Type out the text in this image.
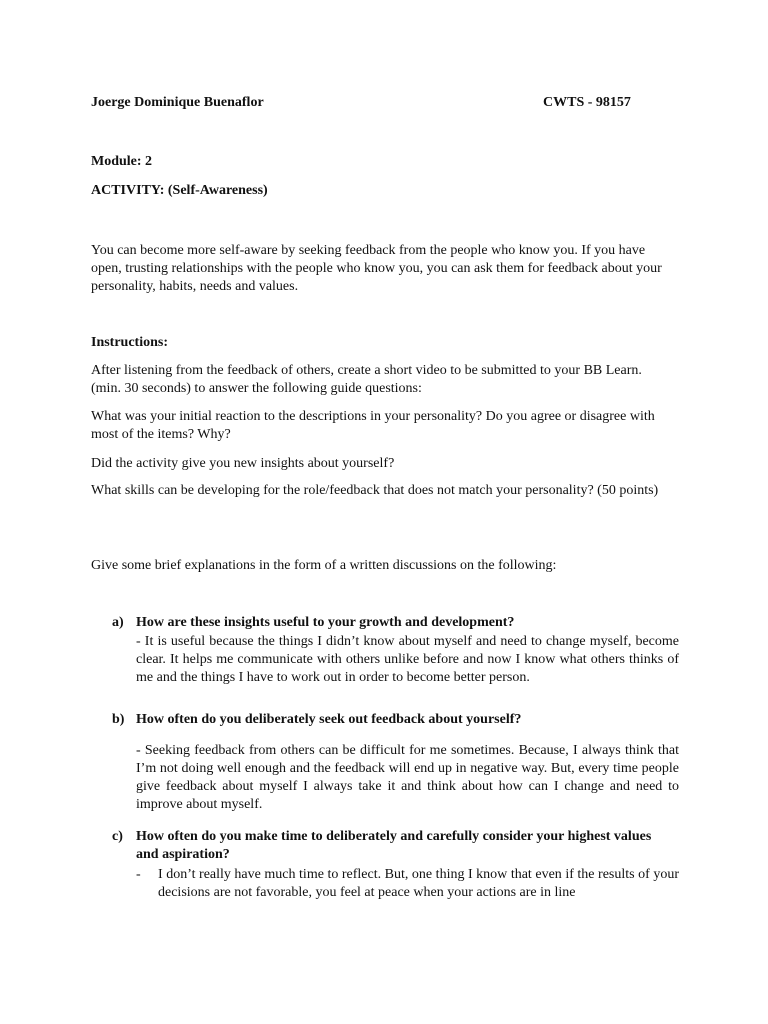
Joerge Dominique Buenaflor	CWTS - 98157

Module: 2

ACTIVITY: (Self-Awareness)

You can become more self-aware by seeking feedback from the people who know you. If you have open, trusting relationships with the people who know you, you can ask them for feedback about your personality, habits, needs and values.

Instructions:

After listening from the feedback of others, create a short video to be submitted to your BB Learn. (min. 30 seconds) to answer the following guide questions:

What was your initial reaction to the descriptions in your personality? Do you agree or disagree with most of the items? Why?

Did the activity give you new insights about yourself?

What skills can be developing for the role/feedback that does not match your personality? (50 points)

Give some brief explanations in the form of a written discussions on the following:

a) How are these insights useful to your growth and development?

- It is useful because the things I didn’t know about myself and need to change myself, become clear. It helps me communicate with others unlike before and now I know what others thinks of me and the things I have to work out in order to become better person.

b) How often do you deliberately seek out feedback about yourself?

- Seeking feedback from others can be difficult for me sometimes. Because, I always think that I’m not doing well enough and the feedback will end up in negative way. But, every time people give feedback about myself I always take it and think about how can I change and need to improve about myself.

c) How often do you make time to deliberately and carefully consider your highest values and aspiration?

- I don’t really have much time to reflect. But, one thing I know that even if the results of your decisions are not favorable, you feel at peace when your actions are in line
